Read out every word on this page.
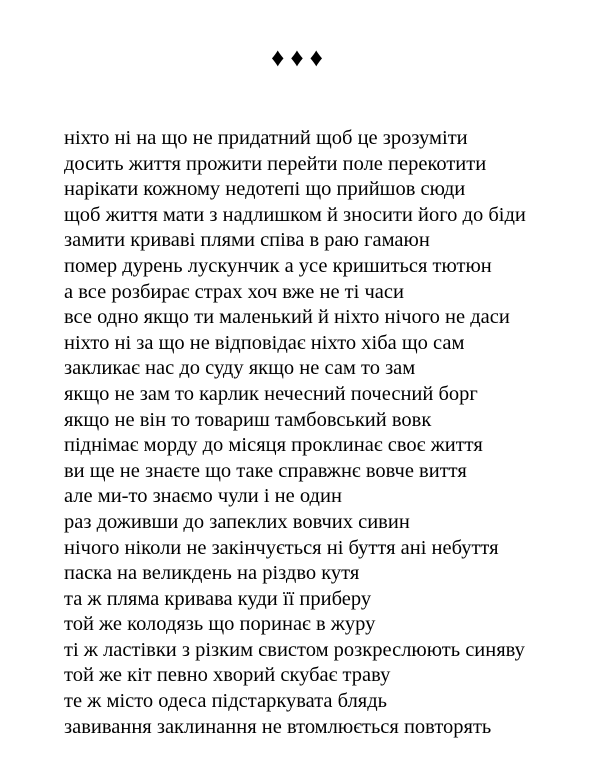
♦♦♦

ніхто ні на що не придатний щоб це зрозуміти

досить життя прожити перейти поле перекотити

нарікати кожному недотепі що прийшов сюди

щоб життя мати з надлишком й зносити його до біди

замити криваві плями співа в раю гамаюн

помер дурень лускунчик а усе кришиться тютюн

а все розбирає страх хоч вже не ті часи

все одно якщо ти маленький й ніхто нічого не даси

ніхто ні за що не відповідає ніхто хіба що сам

закликає нас до суду якщо не сам то зам

якщо не зам то карлик нечесний почесний борг

якщо не він то товариш тамбовський вовк

піднімає морду до місяця проклинає своє життя

ви ще не знаєте що таке справжнє вовче виття

але ми-то знаємо чули і не один

раз доживши до запеклих вовчих сивин

нічого ніколи не закінчується ні буття ані небуття

паска на великдень на різдво кутя

та ж пляма кривава куди її приберу

той же колодязь що поринає в журу

ті ж ластівки з різким свистом розкреслюють синяву

той же кіт певно хворий скубає траву

те ж місто одеса підстаркувата блядь

завивання заклинання не втомлюється повторять
